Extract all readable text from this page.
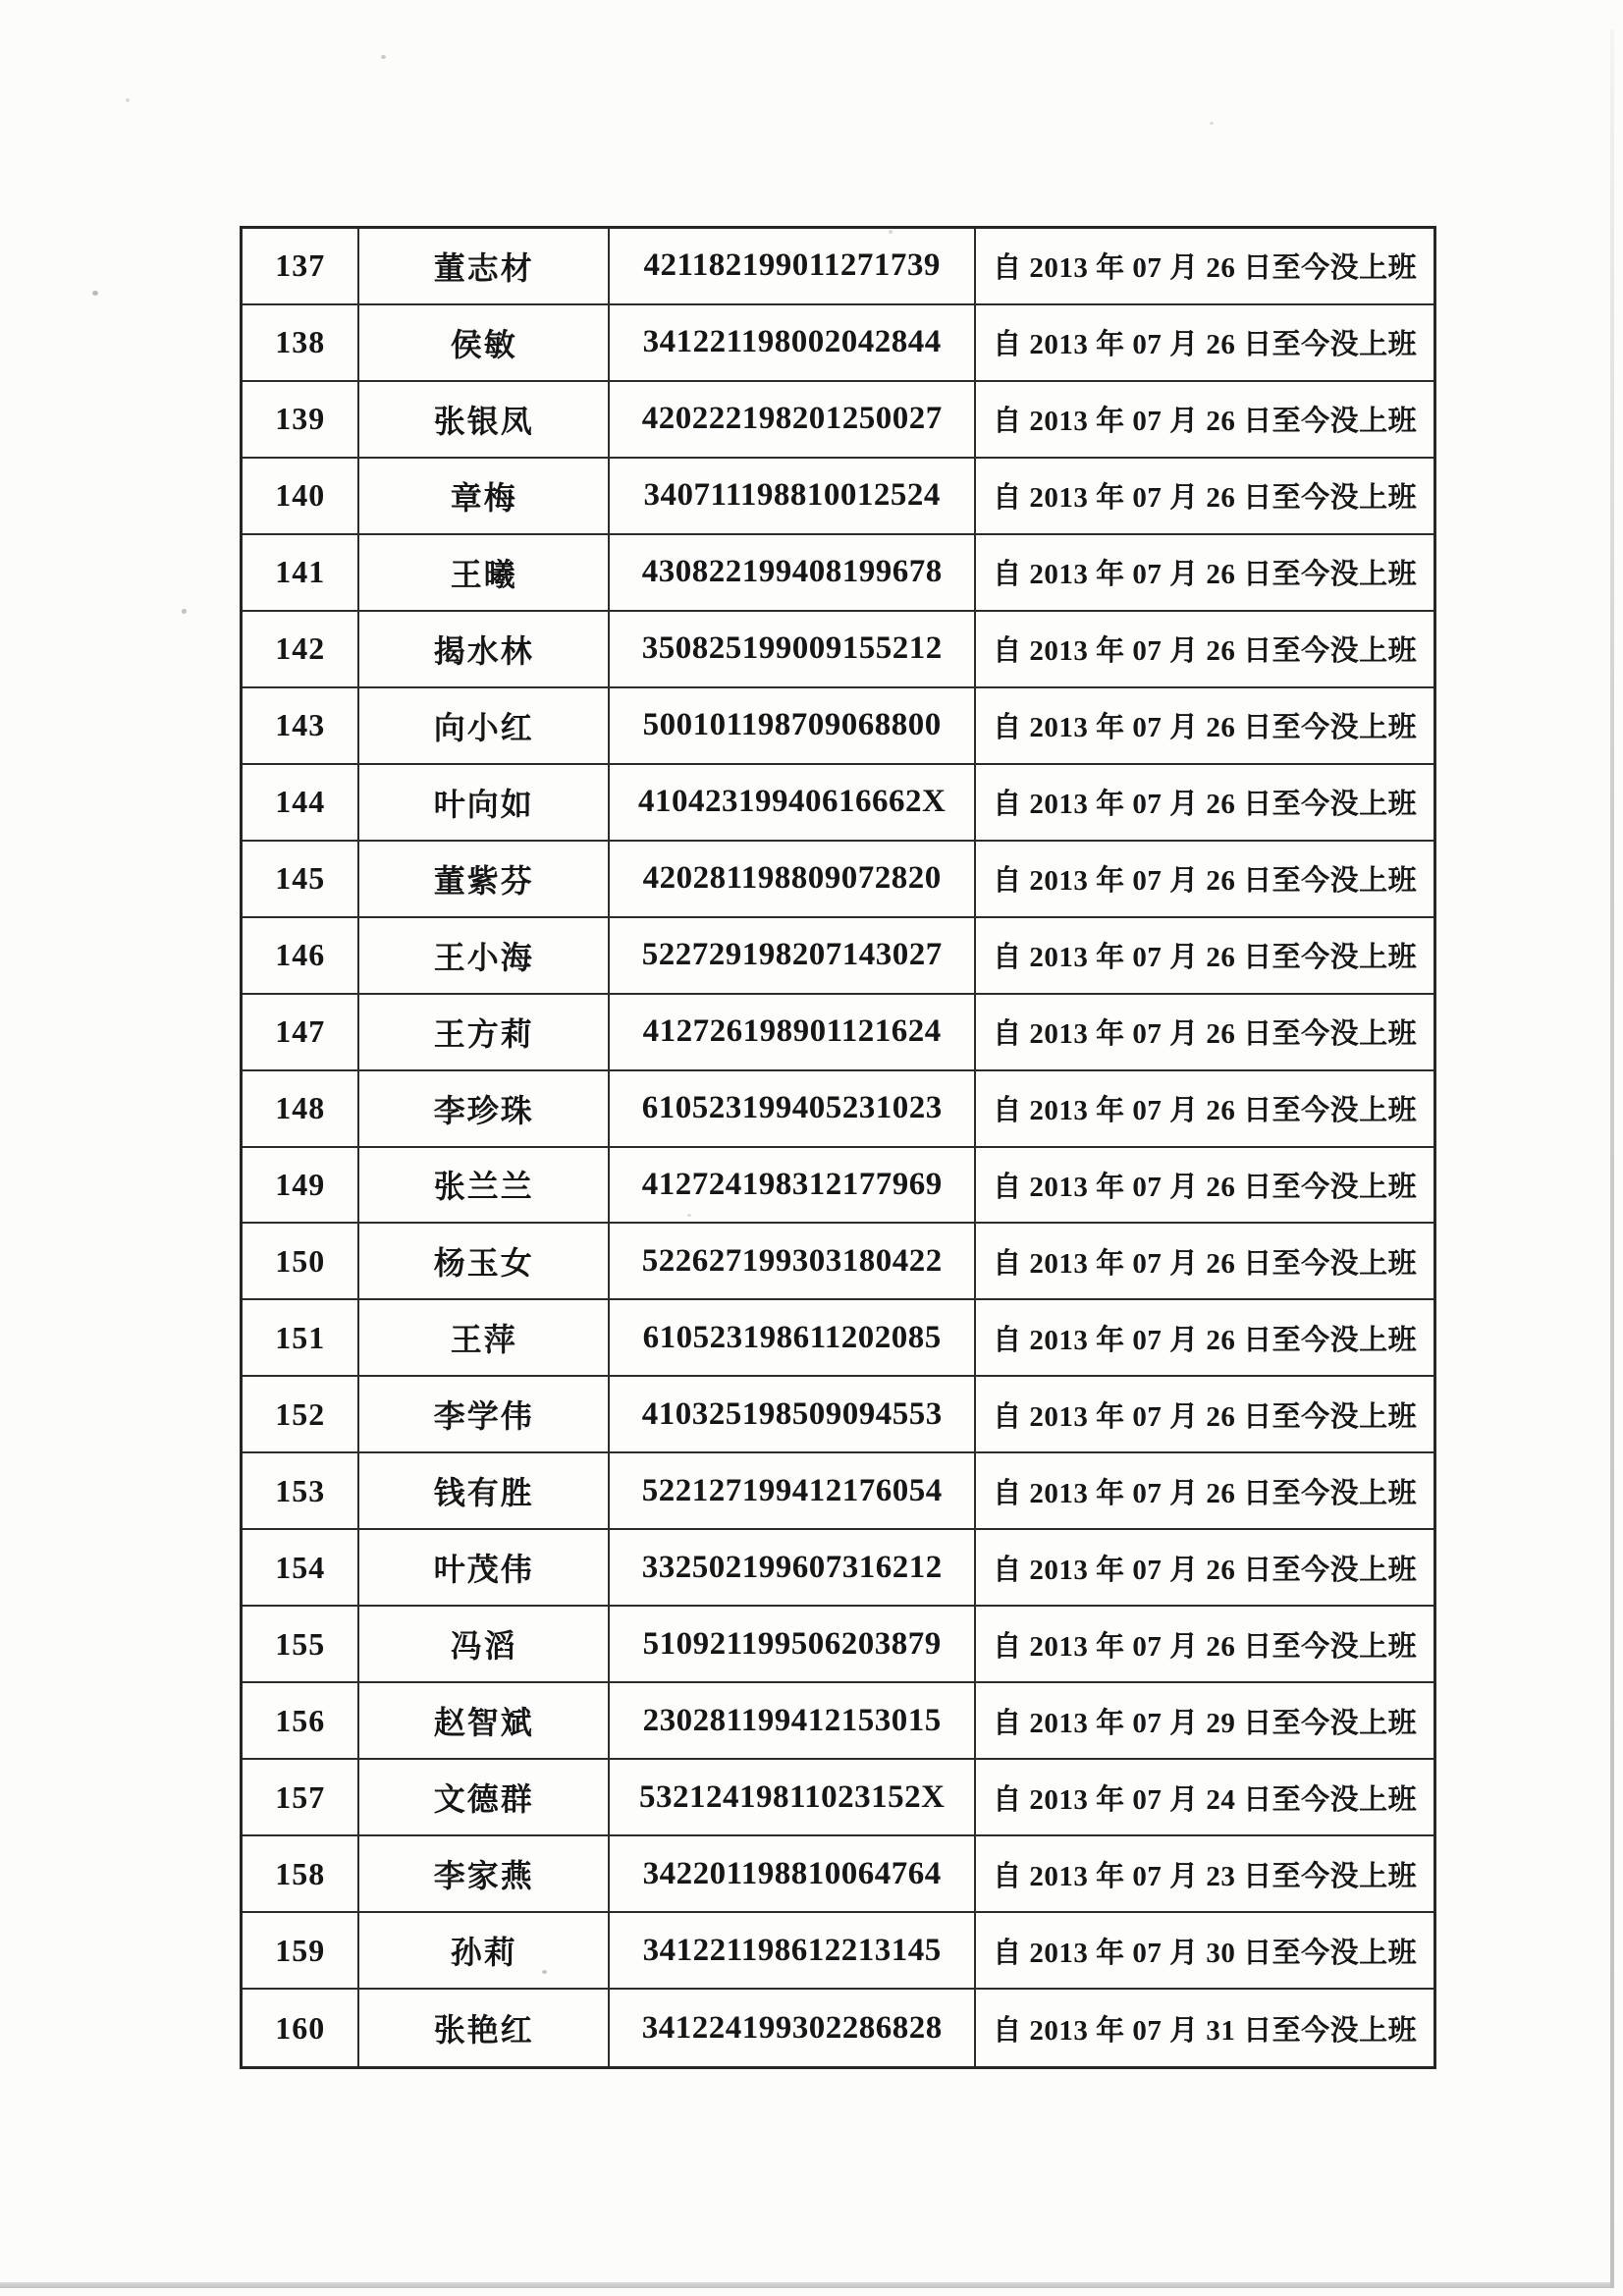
137	董志材	421182199011271739	自 2013 年 07 月 26 日至今没上班
138	侯敏	341221198002042844	自 2013 年 07 月 26 日至今没上班
139	张银凤	420222198201250027	自 2013 年 07 月 26 日至今没上班
140	章梅	340711198810012524	自 2013 年 07 月 26 日至今没上班
141	王曦	430822199408199678	自 2013 年 07 月 26 日至今没上班
142	揭水林	350825199009155212	自 2013 年 07 月 26 日至今没上班
143	向小红	500101198709068800	自 2013 年 07 月 26 日至今没上班
144	叶向如	41042319940616662X	自 2013 年 07 月 26 日至今没上班
145	董紫芬	420281198809072820	自 2013 年 07 月 26 日至今没上班
146	王小海	522729198207143027	自 2013 年 07 月 26 日至今没上班
147	王方莉	412726198901121624	自 2013 年 07 月 26 日至今没上班
148	李珍珠	610523199405231023	自 2013 年 07 月 26 日至今没上班
149	张兰兰	412724198312177969	自 2013 年 07 月 26 日至今没上班
150	杨玉女	522627199303180422	自 2013 年 07 月 26 日至今没上班
151	王萍	610523198611202085	自 2013 年 07 月 26 日至今没上班
152	李学伟	410325198509094553	自 2013 年 07 月 26 日至今没上班
153	钱有胜	522127199412176054	自 2013 年 07 月 26 日至今没上班
154	叶茂伟	332502199607316212	自 2013 年 07 月 26 日至今没上班
155	冯滔	510921199506203879	自 2013 年 07 月 26 日至今没上班
156	赵智斌	230281199412153015	自 2013 年 07 月 29 日至今没上班
157	文德群	53212419811023152X	自 2013 年 07 月 24 日至今没上班
158	李家燕	342201198810064764	自 2013 年 07 月 23 日至今没上班
159	孙莉	341221198612213145	自 2013 年 07 月 30 日至今没上班
160	张艳红	341224199302286828	自 2013 年 07 月 31 日至今没上班
